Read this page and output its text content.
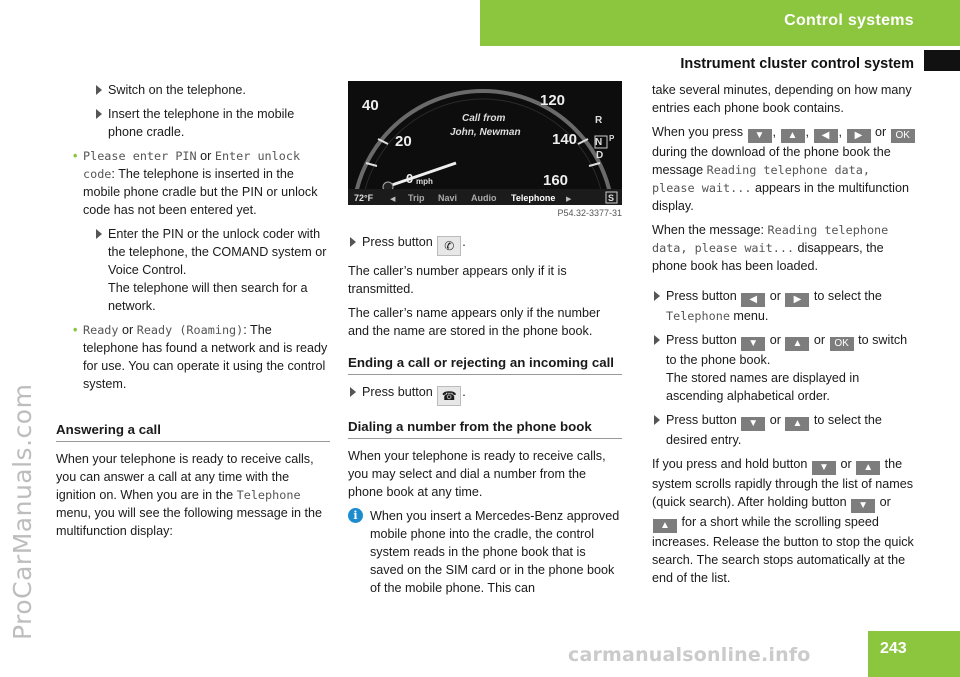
ProCarManuals.com
Control systems
Instrument cluster control system
Switch on the telephone.
Insert the telephone in the mobile phone cradle.
• Please enter PIN or Enter unlock code: The telephone is inserted in the mobile phone cradle but the PIN or unlock code has not been entered yet.
Enter the PIN or the unlock coder with the telephone, the COMAND system or Voice Control.
The telephone will then search for a network.
• Ready or Ready (Roaming): The telephone has found a network and is ready for use. You can operate it using the control system.
Answering a call

When your telephone is ready to receive calls, you can answer a call at any time with the ignition on. When you are in the Telephone menu, you will see the following message in the multifunction display:

40
20
0
120
140
160
mph
Call from
John, Newman
R
N
D
P
72°F ◀ Trip Navi Audio Telephone ▶	S
P54.32-3377-31
Press button ✆ .

The caller’s number appears only if it is transmitted.

The caller’s name appears only if the number and the name are stored in the phone book.

Ending a call or rejecting an incoming call
Press button ☎ .
Dialing a number from the phone book

When your telephone is ready to receive calls, you may select and dial a number from the phone book at any time.

i When you insert a Mercedes-Benz approved mobile phone into the cradle, the control system reads in the phone book that is saved on the SIM card or in the phone book of the mobile phone. This can

take several minutes, depending on how many entries each phone book contains.

When you press ▼ , ▲ , ◀ , ▶ or OK during the download of the phone book the message Reading telephone data, please wait... appears in the multifunction display.

When the message: Reading telephone data, please wait... disappears, the phone book has been loaded.

Press button ◀ or ▶ to select the Telephone menu.
Press button ▼ or ▲ or OK to switch to the phone book.
The stored names are displayed in ascending alphabetical order.
Press button ▼ or ▲ to select the desired entry.

If you press and hold button ▼ or ▲ the system scrolls rapidly through the list of names (quick search). After holding button ▼ or ▲ for a short while the scrolling speed increases. Release the button to stop the quick search. The search stops automatically at the end of the list.

243
carmanualsonline.info
